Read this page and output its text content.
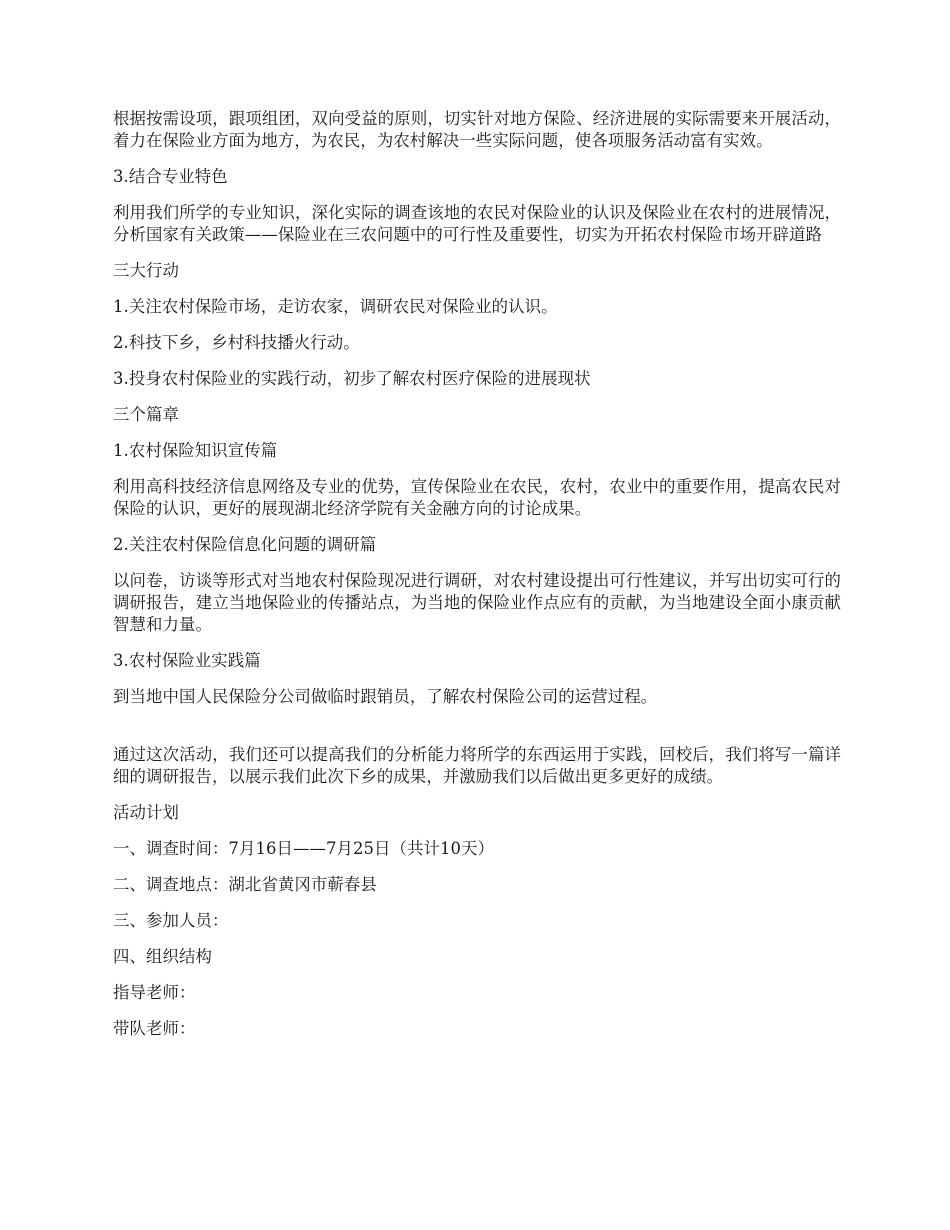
根据按需设项，跟项组团，双向受益的原则，切实针对地方保险、经济进展的实际需要来开展活动，着力在保险业方面为地方，为农民，为农村解决一些实际问题，使各项服务活动富有实效。

3.结合专业特色

利用我们所学的专业知识，深化实际的调查该地的农民对保险业的认识及保险业在农村的进展情况，分析国家有关政策——保险业在三农问题中的可行性及重要性，切实为开拓农村保险市场开辟道路

三大行动

1.关注农村保险市场，走访农家，调研农民对保险业的认识。

2.科技下乡，乡村科技播火行动。

3.投身农村保险业的实践行动，初步了解农村医疗保险的进展现状

三个篇章

1.农村保险知识宣传篇

利用高科技经济信息网络及专业的优势，宣传保险业在农民，农村，农业中的重要作用，提高农民对保险的认识，更好的展现湖北经济学院有关金融方向的讨论成果。

2.关注农村保险信息化问题的调研篇

以问卷，访谈等形式对当地农村保险现况进行调研，对农村建设提出可行性建议，并写出切实可行的调研报告，建立当地保险业的传播站点，为当地的保险业作点应有的贡献，为当地建设全面小康贡献智慧和力量。

3.农村保险业实践篇

到当地中国人民保险分公司做临时跟销员，了解农村保险公司的运营过程。

通过这次活动，我们还可以提高我们的分析能力将所学的东西运用于实践，回校后，我们将写一篇详细的调研报告，以展示我们此次下乡的成果，并激励我们以后做出更多更好的成绩。

活动计划

一、调查时间：7月16日——7月25日（共计10天）

二、调查地点：湖北省黄冈市蕲春县

三、参加人员：

四、组织结构

指导老师：

带队老师：
